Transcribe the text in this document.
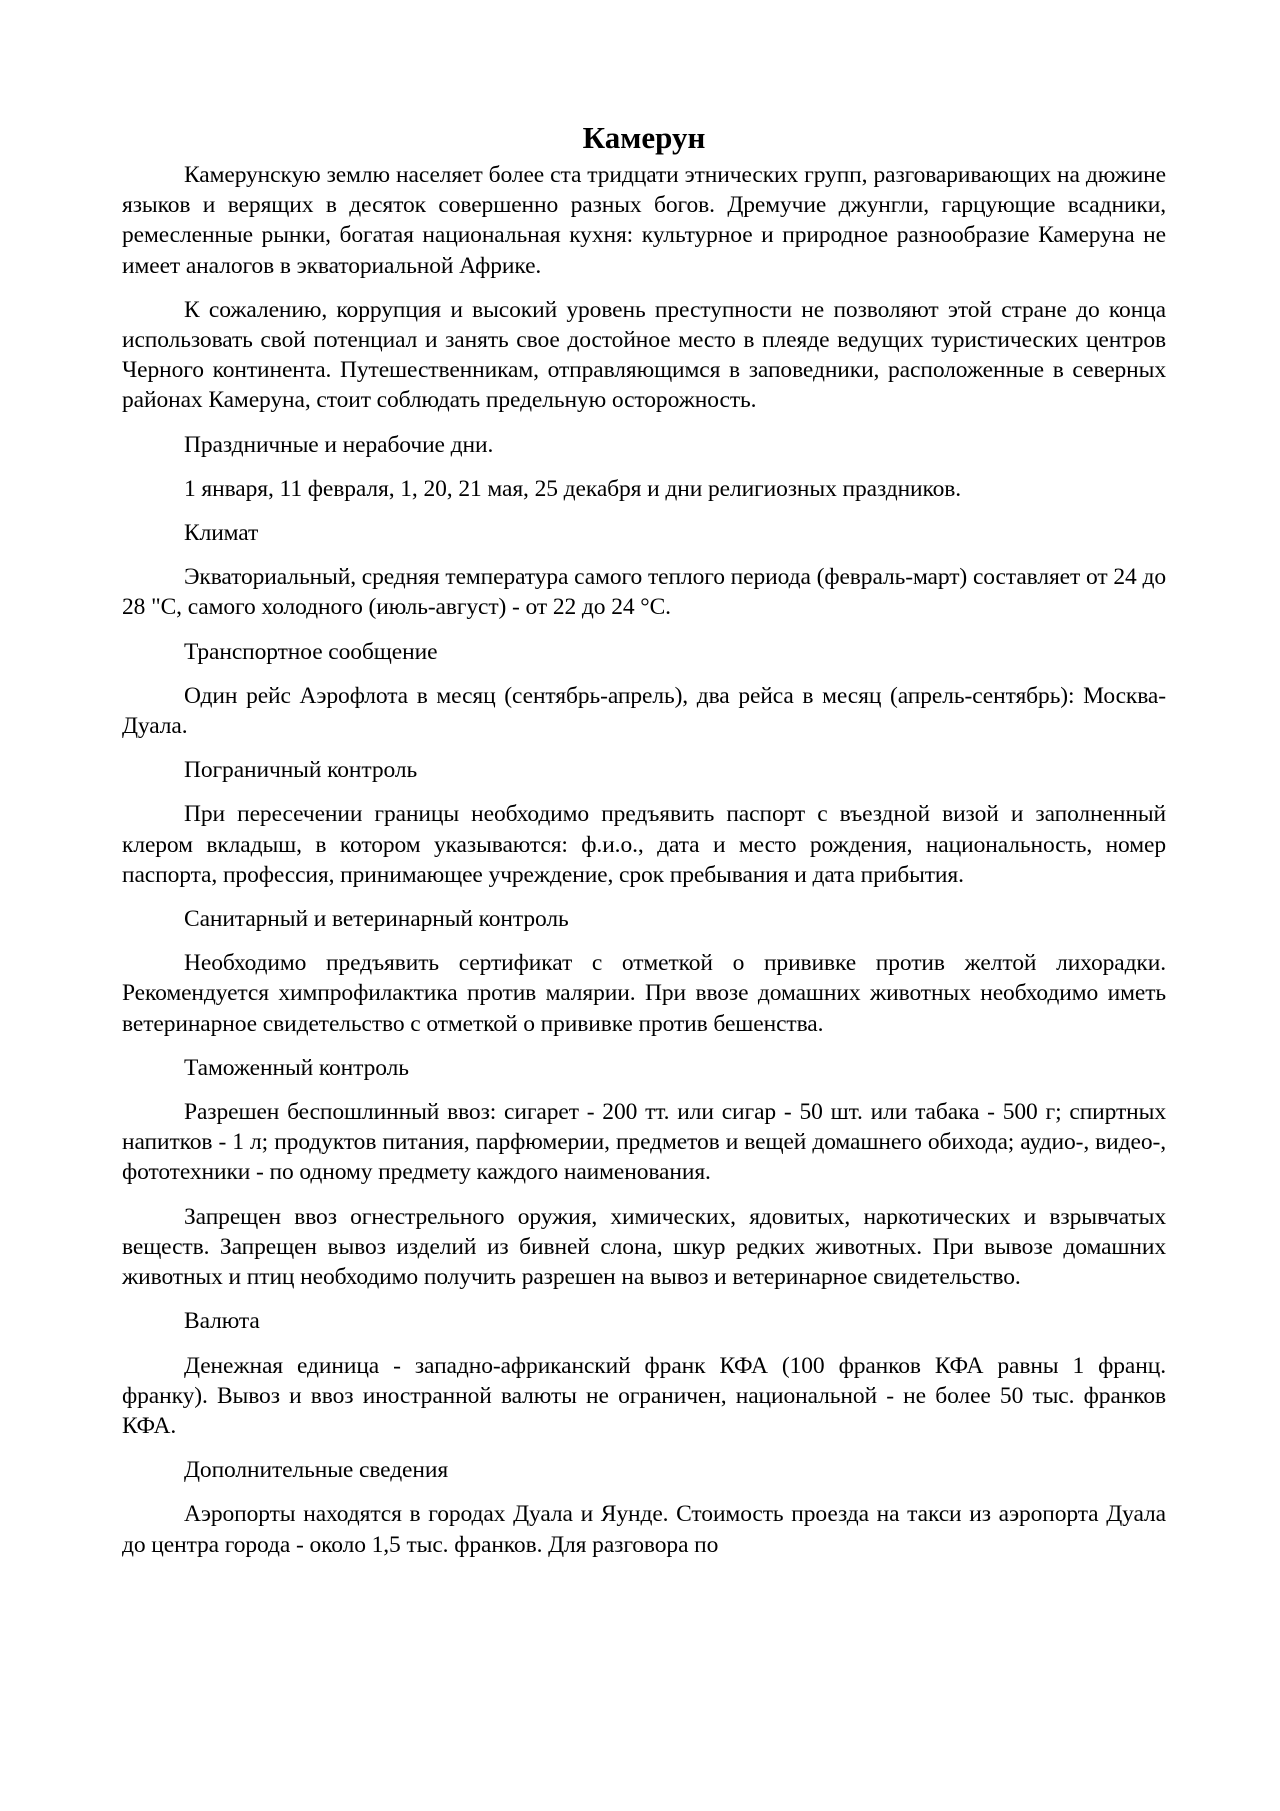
Камерун

Камерунскую землю населяет более ста тридцати этнических групп, разговаривающих на дюжине языков и верящих в десяток совершенно разных богов. Дремучие джунгли, гарцующие всадники, ремесленные рынки, богатая национальная кухня: культурное и природное разнообразие Камеруна не имеет аналогов в экваториальной Африке.

К сожалению, коррупция и высокий уровень преступности не позволяют этой стране до конца использовать свой потенциал и занять свое достойное место в плеяде ведущих туристических центров Черного континента. Путешественникам, отправляющимся в заповедники, расположенные в северных районах Камеруна, стоит соблюдать предельную осторожность.

Праздничные и нерабочие дни.

1 января, 11 февраля, 1, 20, 21 мая, 25 декабря и дни религиозных праздников.

Климат

Экваториальный, средняя температура самого теплого периода (февраль-март) составляет от 24 до 28 "С, самого холодного (июль-август) - от 22 до 24 °С.

Транспортное сообщение

Один рейс Аэрофлота в месяц (сентябрь-апрель), два рейса в месяц (апрель-сентябрь): Москва-Дуала.

Пограничный контроль

При пересечении границы необходимо предъявить паспорт с въездной визой и заполненный клером вкладыш, в котором указываются: ф.и.о., дата и место рождения, национальность, номер паспорта, профессия, принимающее учреждение, срок пребывания и дата прибытия.

Санитарный и ветеринарный контроль

Необходимо предъявить сертификат с отметкой о прививке против желтой лихорадки. Рекомендуется химпрофилактика против малярии. При ввозе домашних животных необходимо иметь ветеринарное свидетельство с отметкой о прививке против бешенства.

Таможенный контроль

Разрешен беспошлинный ввоз: сигарет - 200 тт. или сигар - 50 шт. или табака - 500 г; спиртных напитков - 1 л; продуктов питания, парфюмерии, предметов и вещей домашнего обихода; аудио-, видео-, фототехники - по одному предмету каждого наименования.

Запрещен ввоз огнестрельного оружия, химических, ядовитых, наркотических и взрывчатых веществ. Запрещен вывоз изделий из бивней слона, шкур редких животных. При вывозе домашних животных и птиц необходимо получить разрешен на вывоз и ветеринарное свидетельство.

Валюта

Денежная единица - западно-африканский франк КФА (100 франков КФА равны 1 франц. франку). Вывоз и ввоз иностранной валюты не ограничен, национальной - не более 50 тыс. франков КФА.

Дополнительные сведения

Аэропорты находятся в городах Дуала и Яунде. Стоимость проезда на такси из аэропорта Дуала до центра города - около 1,5 тыс. франков. Для разговора по
